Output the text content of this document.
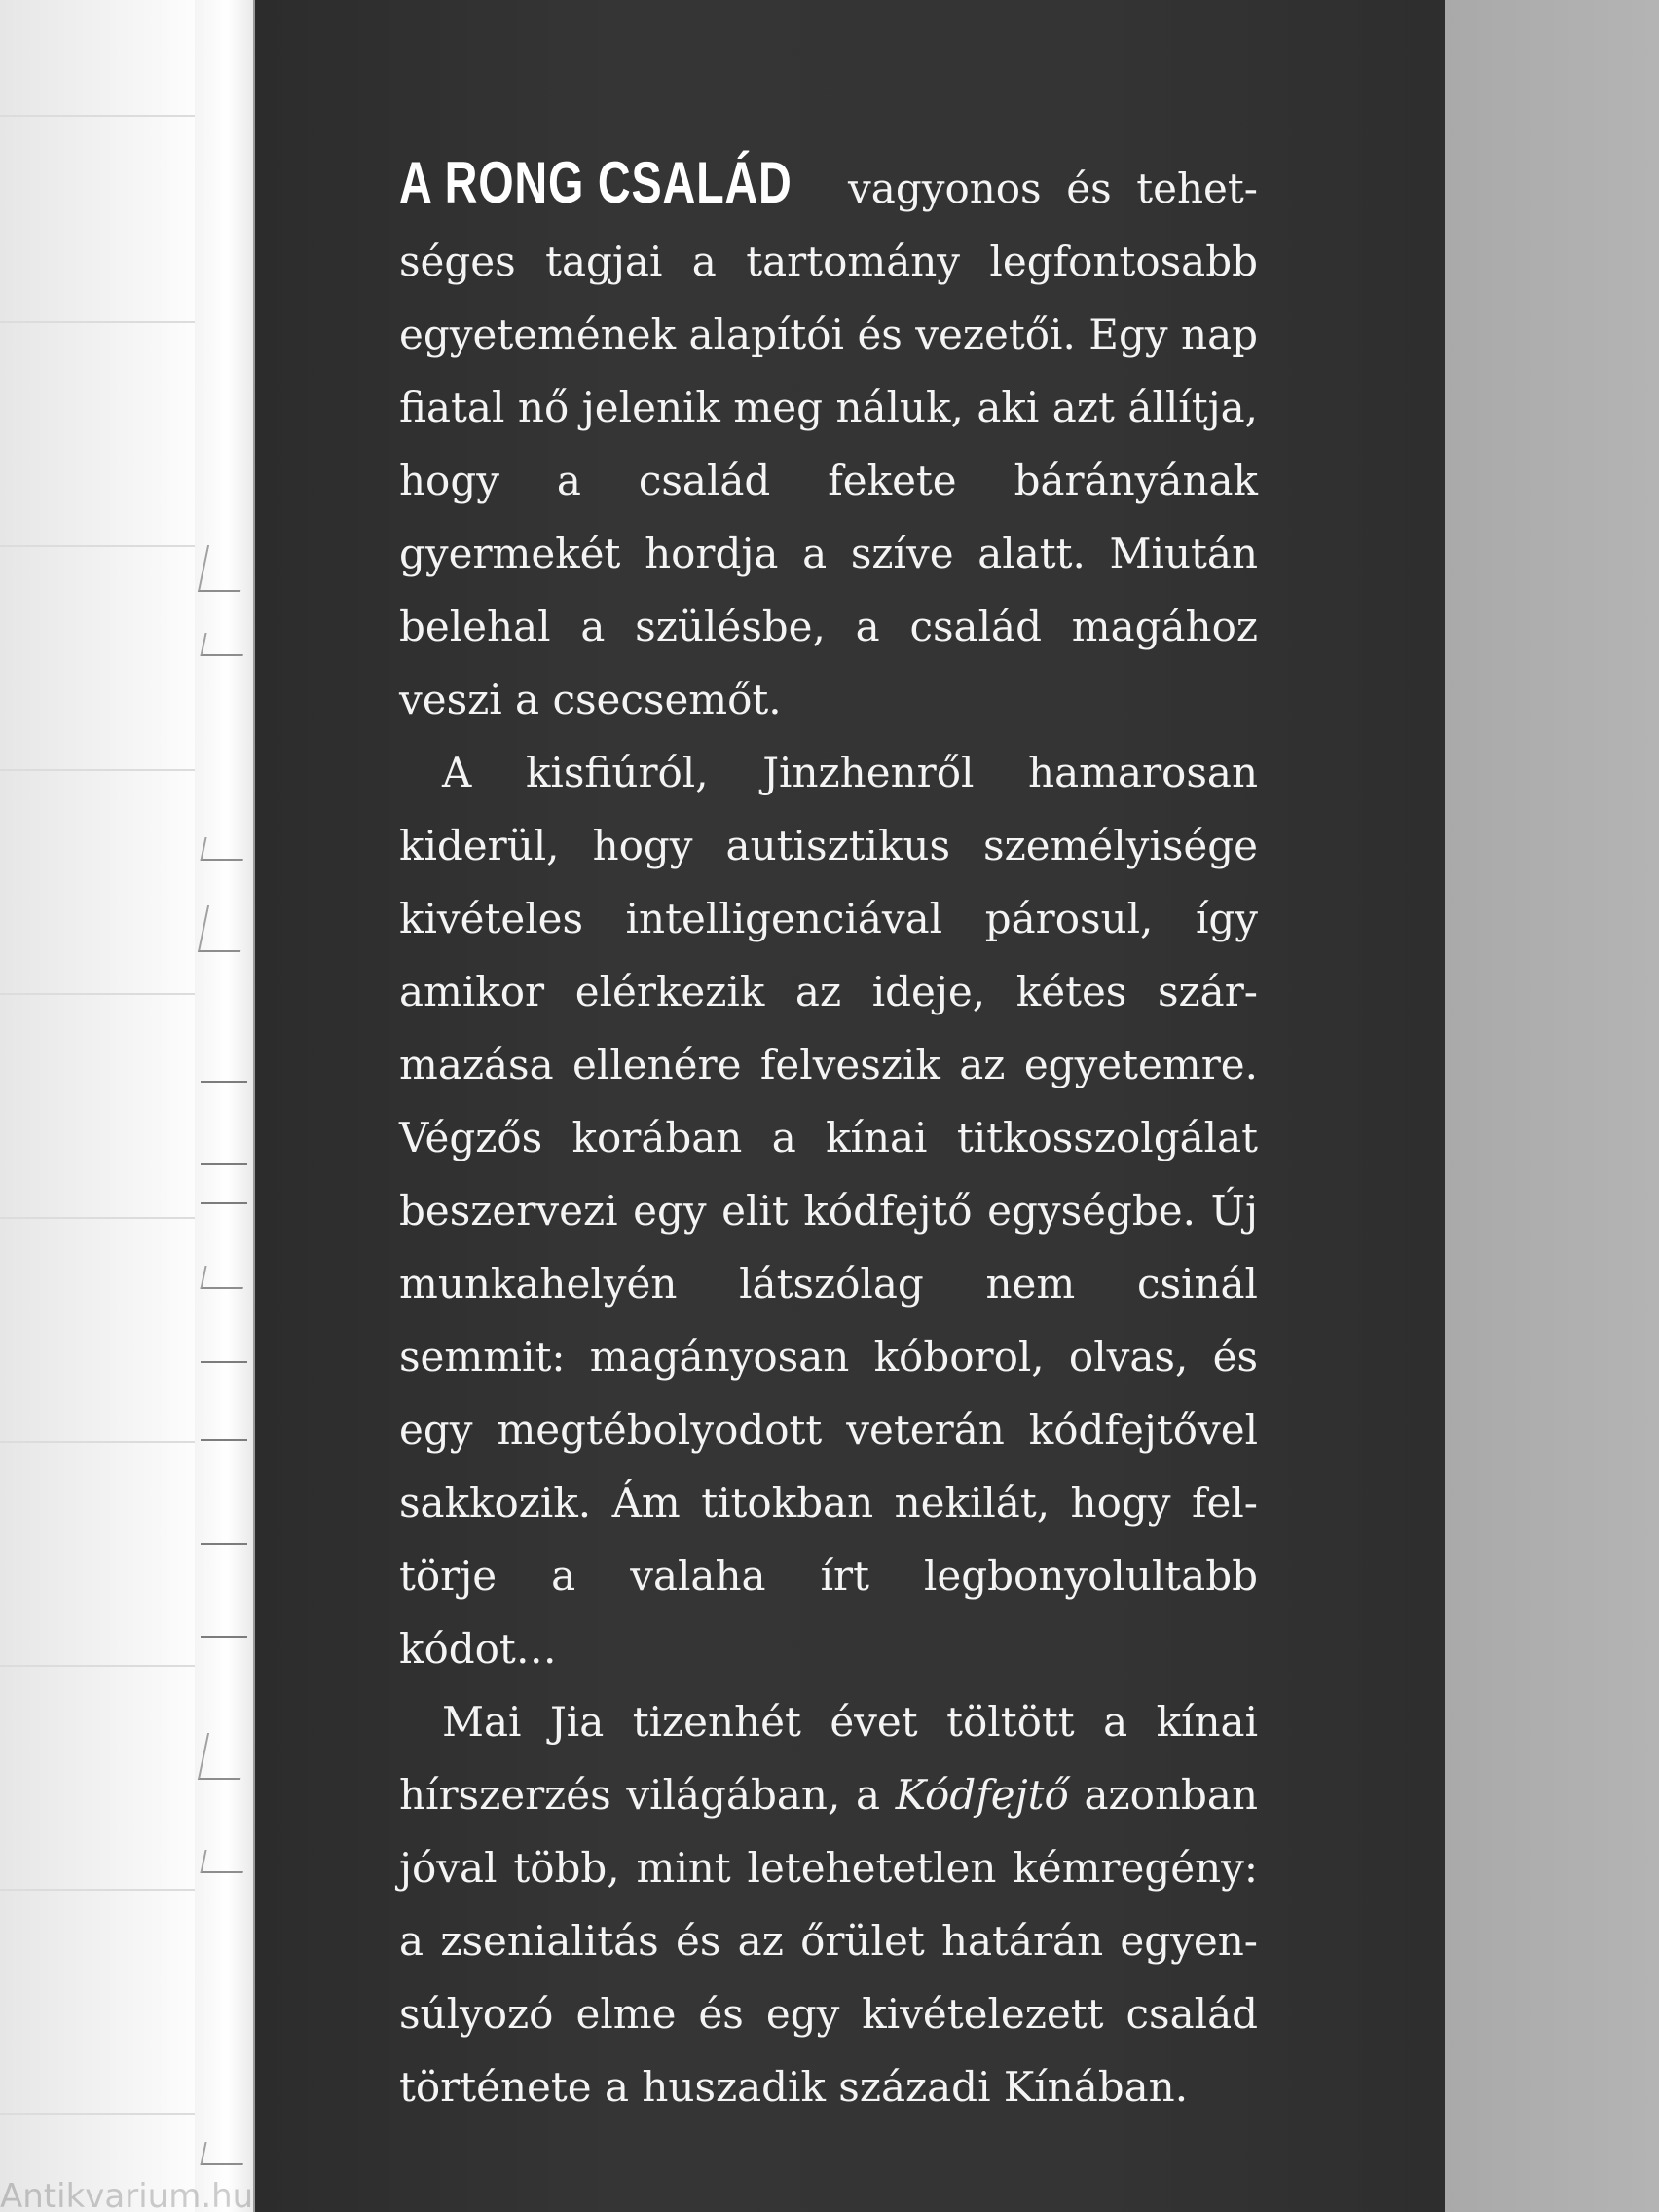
A RONG CSALÁD vagyonos és tehetséges tagjai a tartomány legfontosabb egyetemének alapítói és vezetői. Egy nap fiatal nő jelenik meg náluk, aki azt állítja, hogy a család fekete bárányának gyermekét hordja a szíve alatt. Miután belehal a szülésbe, a család magához veszi a csecsemőt.

A kisfiúról, Jinzhenről hamarosan kiderül, hogy autisztikus személyisége kivételes intelligenciával párosul, így amikor elérkezik az ideje, kétes származása ellenére felveszik az egyetemre. Végzős korában a kínai titkosszolgálat beszervezi egy elit kódfejtő egységbe. Új munkahelyén látszólag nem csinál semmit: magányosan kóborol, olvas, és egy megtébolyodott veterán kódfejtővel sakkozik. Ám titokban nekilát, hogy feltörje a valaha írt legbonyolultabb kódot…

Mai Jia tizenhét évet töltött a kínai hírszerzés világában, a Kódfejtő azonban jóval több, mint letehetetlen kémregény: a zsenialitás és az őrület határán egyensúlyozó elme és egy kivételezett család története a huszadik századi Kínában.

Antikvarium.hu
